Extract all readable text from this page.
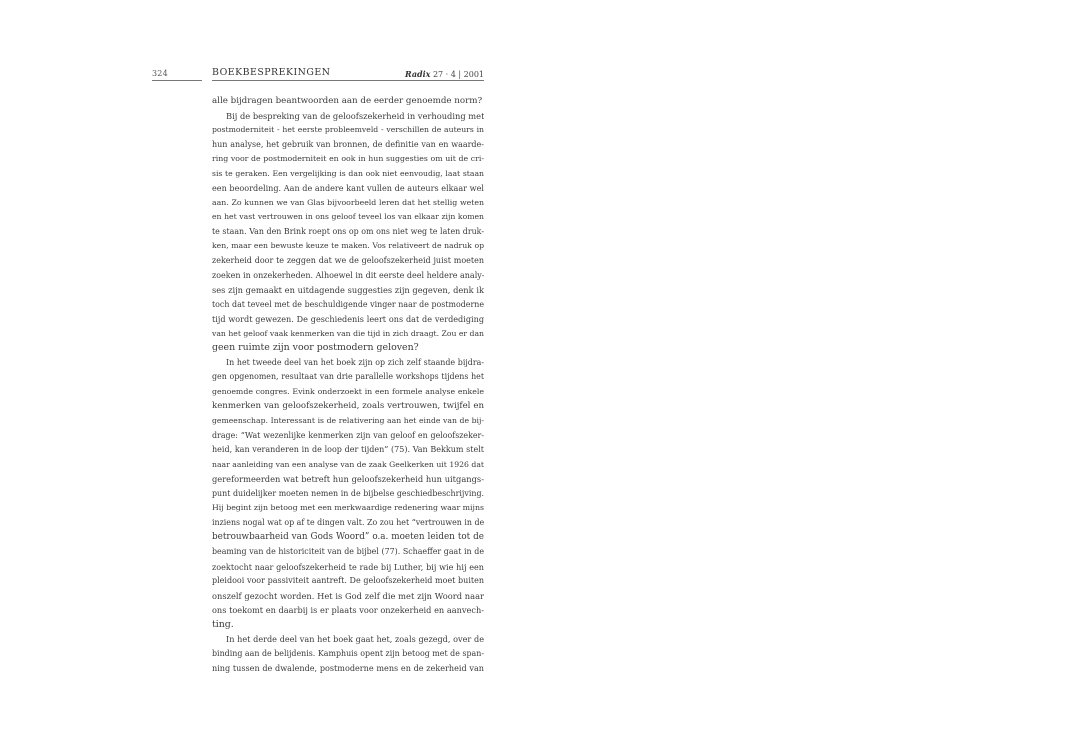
324	BOEKBESPREKINGEN	Radix 27 · 4 | 2001
alle bijdragen beantwoorden aan de eerder genoemde norm?
Bij de bespreking van de geloofszekerheid in verhouding met
postmoderniteit - het eerste probleemveld - verschillen de auteurs in
hun analyse, het gebruik van bronnen, de definitie van en waarde-
ring voor de postmoderniteit en ook in hun suggesties om uit de cri-
sis te geraken. Een vergelijking is dan ook niet eenvoudig, laat staan
een beoordeling. Aan de andere kant vullen de auteurs elkaar wel
aan. Zo kunnen we van Glas bijvoorbeeld leren dat het stellig weten
en het vast vertrouwen in ons geloof teveel los van elkaar zijn komen
te staan. Van den Brink roept ons op om ons niet weg te laten druk-
ken, maar een bewuste keuze te maken. Vos relativeert de nadruk op
zekerheid door te zeggen dat we de geloofszekerheid juist moeten
zoeken in onzekerheden. Alhoewel in dit eerste deel heldere analy-
ses zijn gemaakt en uitdagende suggesties zijn gegeven, denk ik
toch dat teveel met de beschuldigende vinger naar de postmoderne
tijd wordt gewezen. De geschiedenis leert ons dat de verdediging
van het geloof vaak kenmerken van die tijd in zich draagt. Zou er dan
geen ruimte zijn voor postmodern geloven?
In het tweede deel van het boek zijn op zich zelf staande bijdra-
gen opgenomen, resultaat van drie parallelle workshops tijdens het
genoemde congres. Evink onderzoekt in een formele analyse enkele
kenmerken van geloofszekerheid, zoals vertrouwen, twijfel en
gemeenschap. Interessant is de relativering aan het einde van de bij-
drage: “Wat wezenlijke kenmerken zijn van geloof en geloofszeker-
heid, kan veranderen in de loop der tijden” (75). Van Bekkum stelt
naar aanleiding van een analyse van de zaak Geelkerken uit 1926 dat
gereformeerden wat betreft hun geloofszekerheid hun uitgangs-
punt duidelijker moeten nemen in de bijbelse geschiedbeschrijving.
Hij begint zijn betoog met een merkwaardige redenering waar mijns
inziens nogal wat op af te dingen valt. Zo zou het “vertrouwen in de
betrouwbaarheid van Gods Woord” o.a. moeten leiden tot de
beaming van de historiciteit van de bijbel (77). Schaeffer gaat in de
zoektocht naar geloofszekerheid te rade bij Luther, bij wie hij een
pleidooi voor passiviteit aantreft. De geloofszekerheid moet buiten
onszelf gezocht worden. Het is God zelf die met zijn Woord naar
ons toekomt en daarbij is er plaats voor onzekerheid en aanvech-
ting.
In het derde deel van het boek gaat het, zoals gezegd, over de
binding aan de belijdenis. Kamphuis opent zijn betoog met de span-
ning tussen de dwalende, postmoderne mens en de zekerheid van
